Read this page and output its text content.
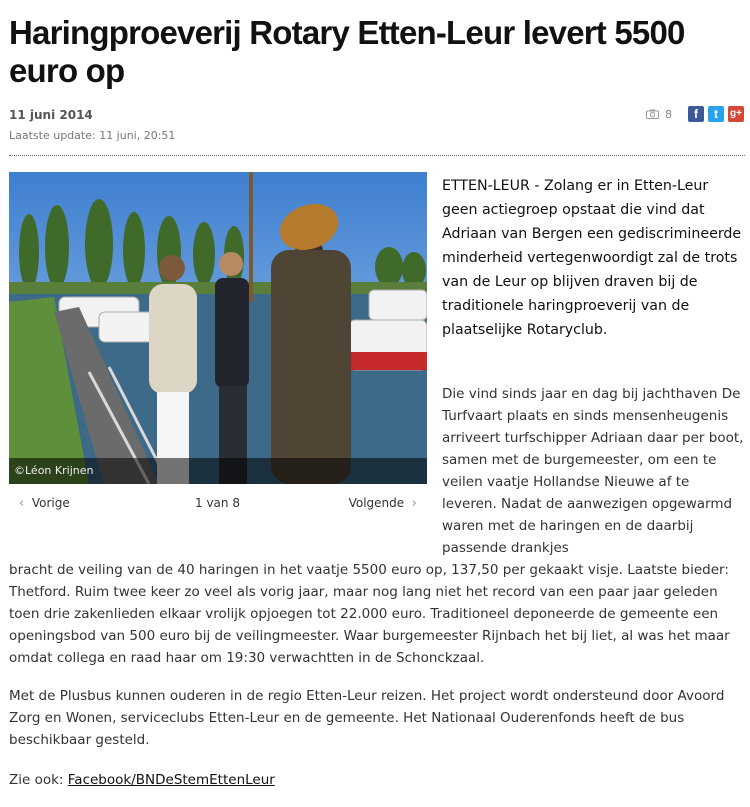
Haringproeverij Rotary Etten-Leur levert 5500 euro op
11 juni 2014
Laatste update: 11 juni, 20:51
8	f	t	g+
©Léon Krijnen
‹ Vorige	1 van 8	Volgende ›

ETTEN-LEUR - Zolang er in Etten-Leur geen actiegroep opstaat die vind dat Adriaan van Bergen een gediscrimineerde minderheid vertegenwoordigt zal de trots van de Leur op blijven draven bij de traditionele haringproeverij van de plaatselijke Rotaryclub.

Die vind sinds jaar en dag bij jachthaven De Turfvaart plaats en sinds mensenheugenis arriveert turfschipper Adriaan daar per boot, samen met de burgemeester, om een te veilen vaatje Hollandse Nieuwe af te leveren. Nadat de aanwezigen opgewarmd waren met de haringen en de daarbij passende drankjes

bracht de veiling van de 40 haringen in het vaatje 5500 euro op, 137,50 per gekaakt visje. Laatste bieder: Thetford. Ruim twee keer zo veel als vorig jaar, maar nog lang niet het record van een paar jaar geleden toen drie zakenlieden elkaar vrolijk opjoegen tot 22.000 euro. Traditioneel deponeerde de gemeente een openingsbod van 500 euro bij de veilingmeester. Waar burgemeester Rijnbach het bij liet, al was het maar omdat collega en raad haar om 19:30 verwachtten in de Schonckzaal.

Met de Plusbus kunnen ouderen in de regio Etten-Leur reizen. Het project wordt ondersteund door Avoord Zorg en Wonen, serviceclubs Etten-Leur en de gemeente. Het Nationaal Ouderenfonds heeft de bus beschikbaar gesteld.

Zie ook: Facebook/BNDeStemEttenLeur
